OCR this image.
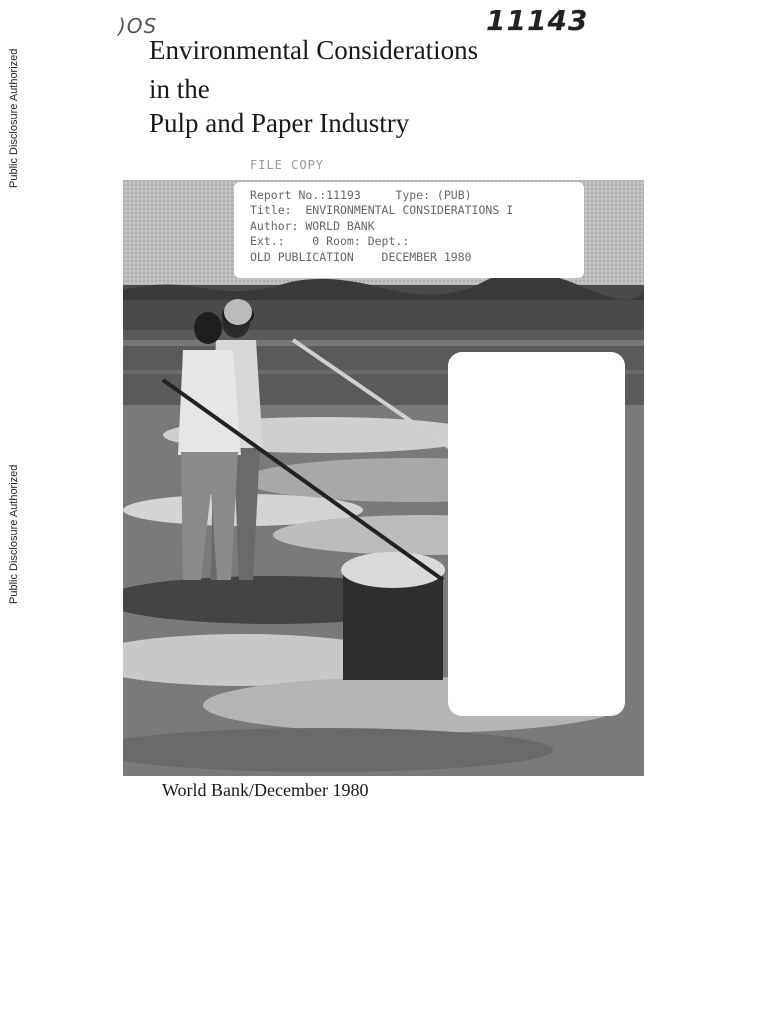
Public Disclosure Authorized
Public Disclosure Authorized
)OS	11143
Environmental Considerations
in the
Pulp and Paper Industry
FILE COPY
Report No.:11193     Type: (PUB)
Title:  ENVIRONMENTAL CONSIDERATIONS I
Author: WORLD BANK
Ext.:    0 Room: Dept.:
OLD PUBLICATION    DECEMBER 1980
World Bank/December 1980
